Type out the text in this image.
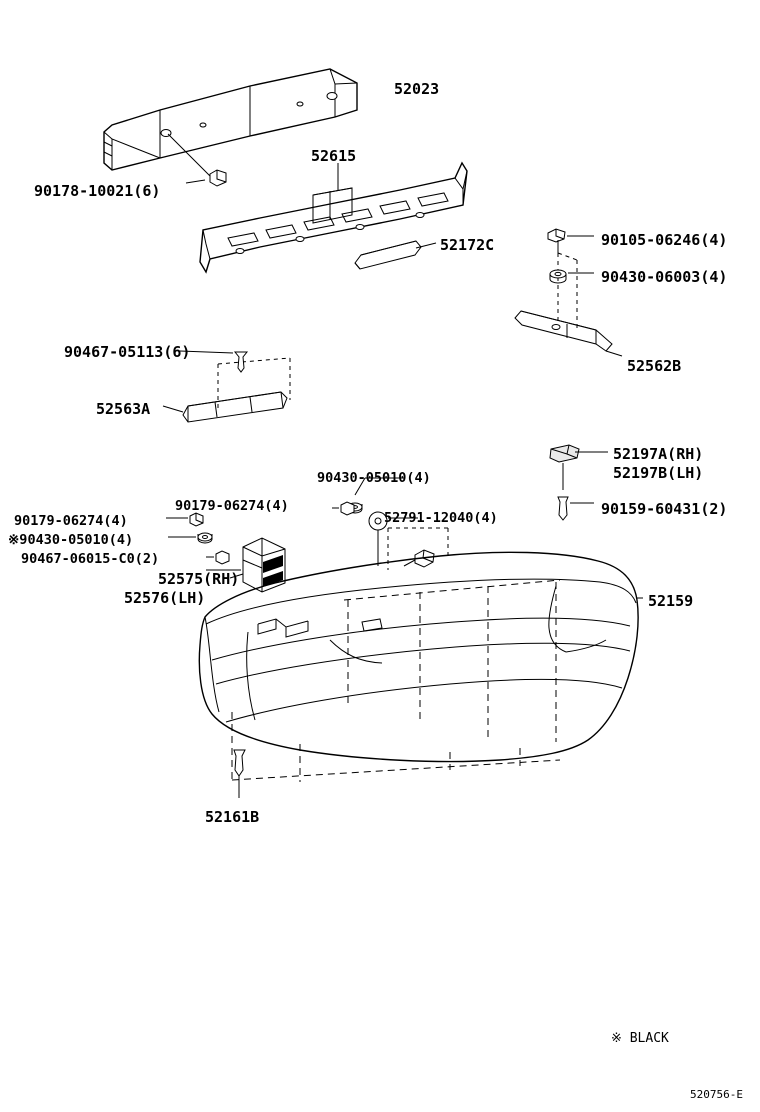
52023
52615
90178-10021(6)
52172C	90105-06246(4)
90430-06003(4)
52562B
90467-05113(6)
52563A
52197A(RH)
52197B(LH)
90430-05010(4)
90159-60431(2)
90179-06274(4)
52791-12040(4)
90179-06274(4)
※90430-05010(4)
90467-06015-C0(2)
52575(RH)
52576(LH)	52159
52161B
※ BLACK
520756-E
